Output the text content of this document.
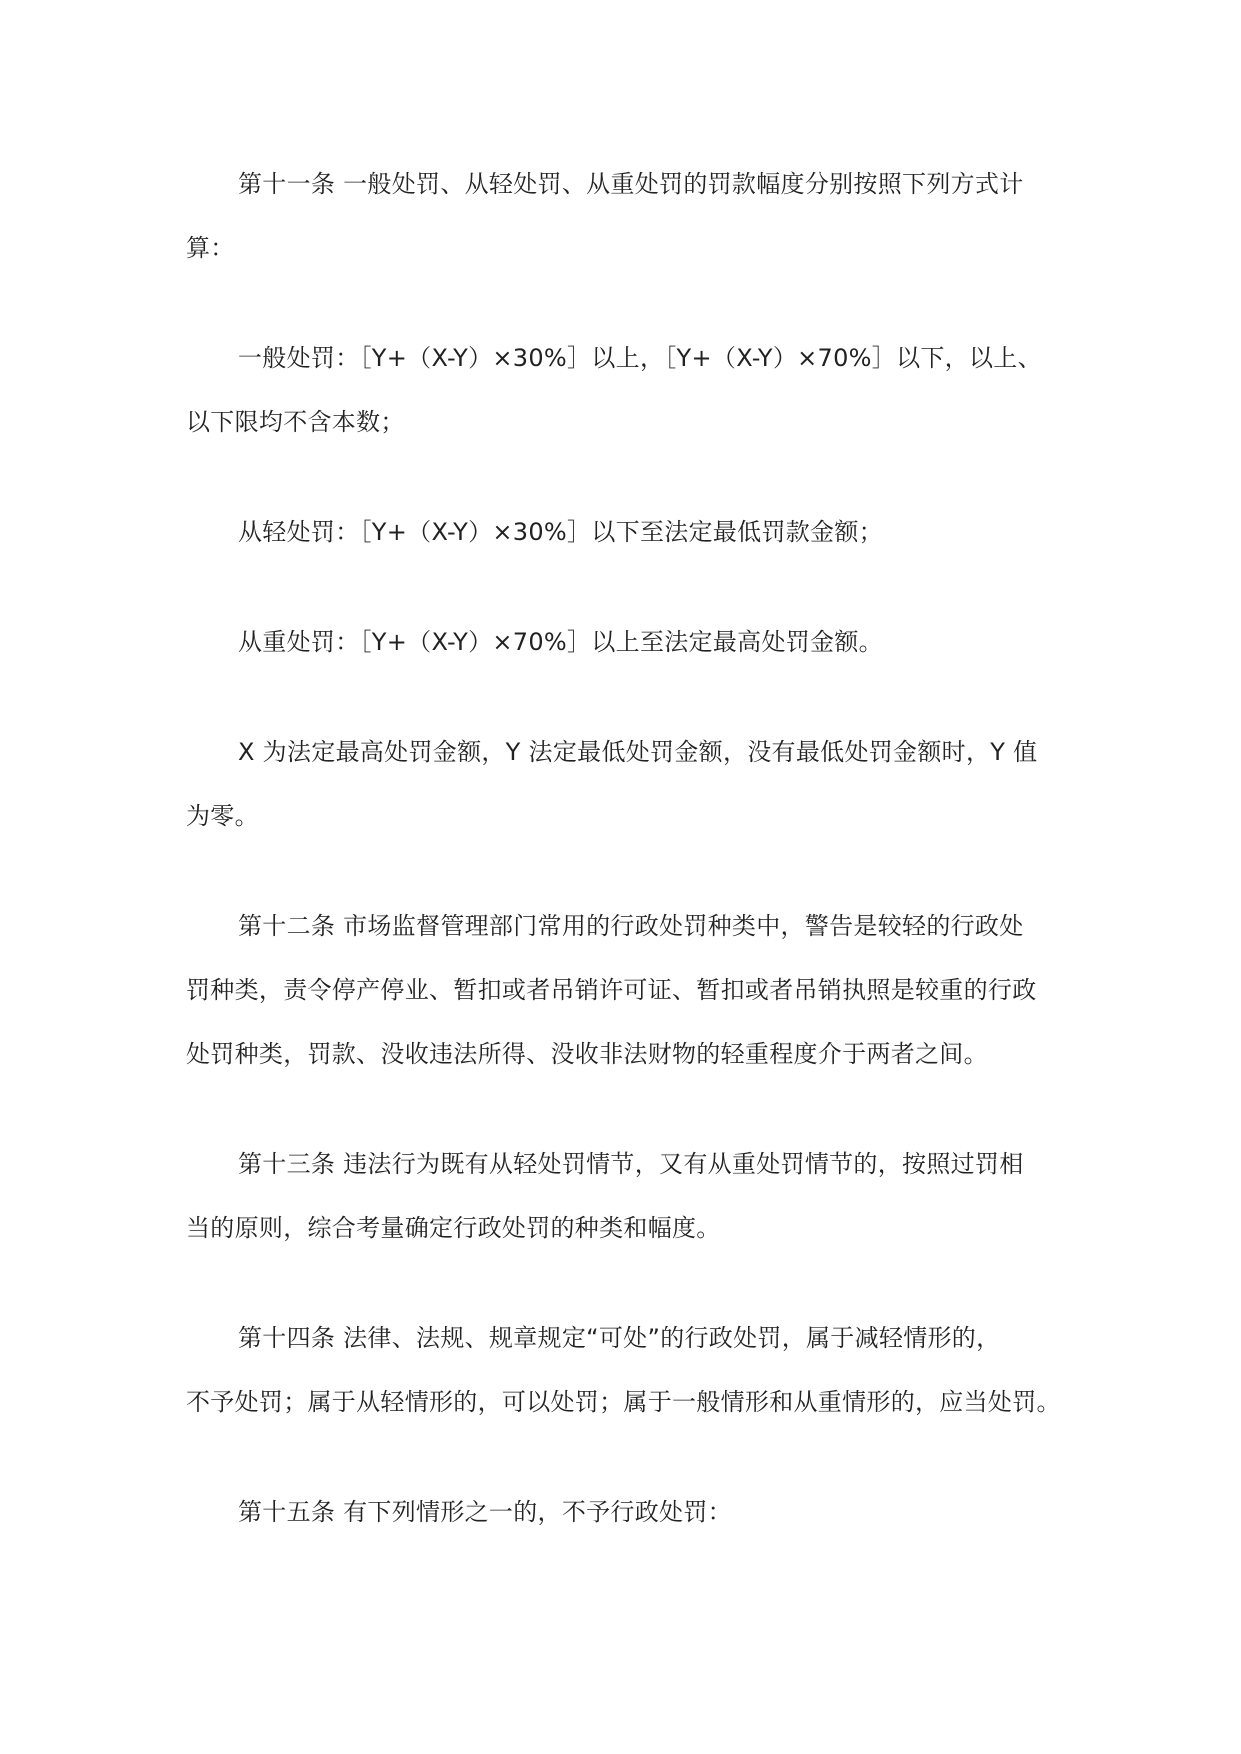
第十一条 一般处罚、从轻处罚、从重处罚的罚款幅度分别按照下列方式计
算：
一般处罚：［Y+（X-Y）×30%］以上，［Y+（X-Y）×70%］以下，以上、
以下限均不含本数；
从轻处罚：［Y+（X-Y）×30%］以下至法定最低罚款金额；
从重处罚：［Y+（X-Y）×70%］以上至法定最高处罚金额。
X 为法定最高处罚金额，Y 法定最低处罚金额，没有最低处罚金额时，Y 值
为零。
第十二条 市场监督管理部门常用的行政处罚种类中，警告是较轻的行政处
罚种类，责令停产停业、暂扣或者吊销许可证、暂扣或者吊销执照是较重的行政
处罚种类，罚款、没收违法所得、没收非法财物的轻重程度介于两者之间。
第十三条 违法行为既有从轻处罚情节，又有从重处罚情节的，按照过罚相
当的原则，综合考量确定行政处罚的种类和幅度。
第十四条 法律、法规、规章规定“可处”的行政处罚，属于减轻情形的，
不予处罚；属于从轻情形的，可以处罚；属于一般情形和从重情形的，应当处罚。
第十五条 有下列情形之一的，不予行政处罚：
